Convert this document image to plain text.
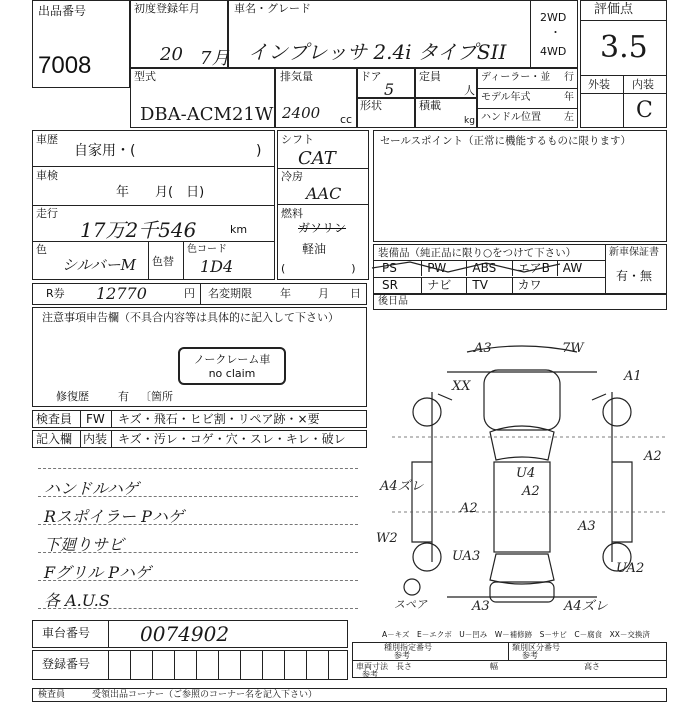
出品番号
7008
初度登録年月
20 7月
車名・グレード
インプレッサ 2.4i タイプSII
2WD
・
4WD
評価点
3.5
外装 内装
C
型式
DBA-ACM21W
排気量
2400 cc
ドア
5
定員
人
形状	積載
kg
ディーラー・並 行
モデル年式	年
ハンドル位置 左
車歴
自家用・(	)
車検
年　　月(　日)
走行
17万2千546	km
色
シルバーM 色替
色コード
1D4
R券 12770	円 名変期限	年 月 日
シフト
CAT
冷房
AAC
燃料
ガソリン
軽油
(　　　　　　)
セールスポイント（正常に機能するものに限ります）
装備品（純正品に限り○をつけて下さい）	新車保証書
有・無
PS	PW ABS エアB AW
SR ナビ TV カワ
後日品
注意事項申告欄（不具合内容等は具体的に記入して下さい）
ノークレーム車
no claim
修復歴	有 〔箇所
検査員 FW キズ・飛石・ヒビ割・リペア跡・×要
記入欄 内装 キズ・汚レ・コゲ・穴・スレ・キレ・破レ
ハンドルハゲ
Rスポイラー Pハゲ
下廻りサビ
Fグリル Pハゲ
各 A.U.S
A3	7W
A1
XX
A2
A4ズレ
U4
A2
A2
UA3
W2
A3
UA2
A3	A4ズレ
スペア
車台番号 0074902
登録番号
A－キズ　E－エクボ　U－凹み　W－補修跡　S－サビ　C－腐食　XX－交換済
種別指定番号
参考
類別区分番号
参考
車両寸法
参考
長さ	幅	高さ
検査員	受領出品コーナー（ご参照のコーナー名を記入下さい）
